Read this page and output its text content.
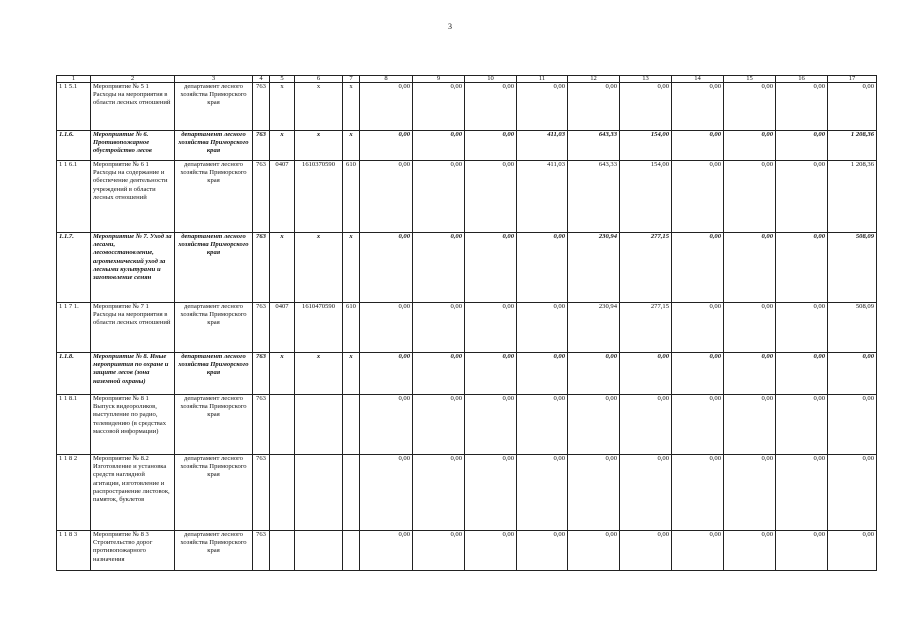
3
1	2	3	4	5	6	7	8	9	10	11	12	13	14	15	16	17
1 1 5.1	Мероприятие № 5 1 Расходы на мероприятия в области лесных отношений	департамент лесного хозяйства Приморского края	763	x	x	x	0,00	0,00	0,00	0,00	0,00	0,00	0,00	0,00	0,00	0,00
1.1.6.	Мероприятие № 6. Противопожарное обустройство лесов	департамент лесного хозяйства Приморского края	763	x	x	x	0,00	0,00	0,00	411,03	643,33	154,00	0,00	0,00	0,00	1 208,36
1 1 6.1	Мероприятие № 6 1 Расходы на содержание и обеспечение деятельности учреждений в области лесных отношений	департамент лесного хозяйства Приморского края	763	0407	1610370590	610	0,00	0,00	0,00	411,03	643,33	154,00	0,00	0,00	0,00	1 208,36
1.1.7.	Мероприятие № 7. Уход за лесами, лесовосстановление, агротехнический уход за лесными культурами и заготовление семян	департамент лесного хозяйства Приморского края	763	x	x	x	0,00	0,00	0,00	0,00	230,94	277,15	0,00	0,00	0,00	508,09
1 1 7 1.	Мероприятие № 7 1 Расходы на мероприятия в области лесных отношений	департамент лесного хозяйства Приморского края	763	0407	1610470590	610	0,00	0,00	0,00	0,00	230,94	277,15	0,00	0,00	0,00	508,09
1.1.8.	Мероприятие № 8. Иные мероприятия по охране и защите лесов (зона наземной охраны)	департамент лесного хозяйства Приморского края	763	x	x	x	0,00	0,00	0,00	0,00	0,00	0,00	0,00	0,00	0,00	0,00
1 1 8.1	Мероприятие № 8 1 Выпуск видеороликов, выступление по радио, телевидению (в средствах массовой информации)	департамент лесного хозяйства Приморского края	763				0,00	0,00	0,00	0,00	0,00	0,00	0,00	0,00	0,00	0,00
1 1 8 2	Мероприятие № 8.2 Изготовление и установка средств наглядной агитации, изготовление и распространение листовок, памяток, буклетов	департамент лесного хозяйства Приморского края	763				0,00	0,00	0,00	0,00	0,00	0,00	0,00	0,00	0,00	0,00
1 1 8 3	Мероприятие № 8 3 Строительство дорог противопожарного назначения	департамент лесного хозяйства Приморского края	763				0,00	0,00	0,00	0,00	0,00	0,00	0,00	0,00	0,00	0,00
